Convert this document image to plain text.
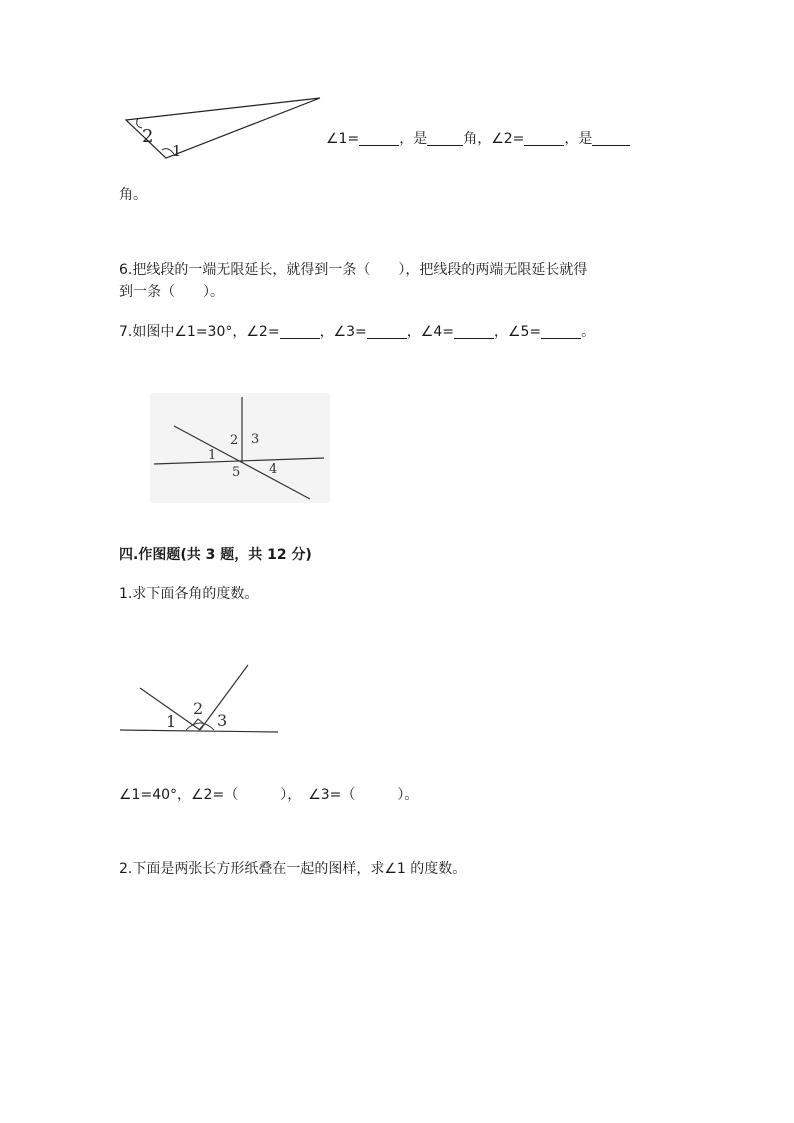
2
1
∠1=	，是	角，∠2=	，是
角。
6.把线段的一端无限延长，就得到一条（　　），把线段的两端无限延长就得
到一条（　　）。
7.如图中∠1=30°，∠2=	，∠3=	，∠4=	，∠5=	。
1
2 3
4
5
四.作图题(共 3 题，共 12 分)
1.求下面各角的度数。
1
2
3
∠1=40°，∠2=（　　　），　∠3=（　　　）。
2.下面是两张长方形纸叠在一起的图样，求∠1 的度数。
